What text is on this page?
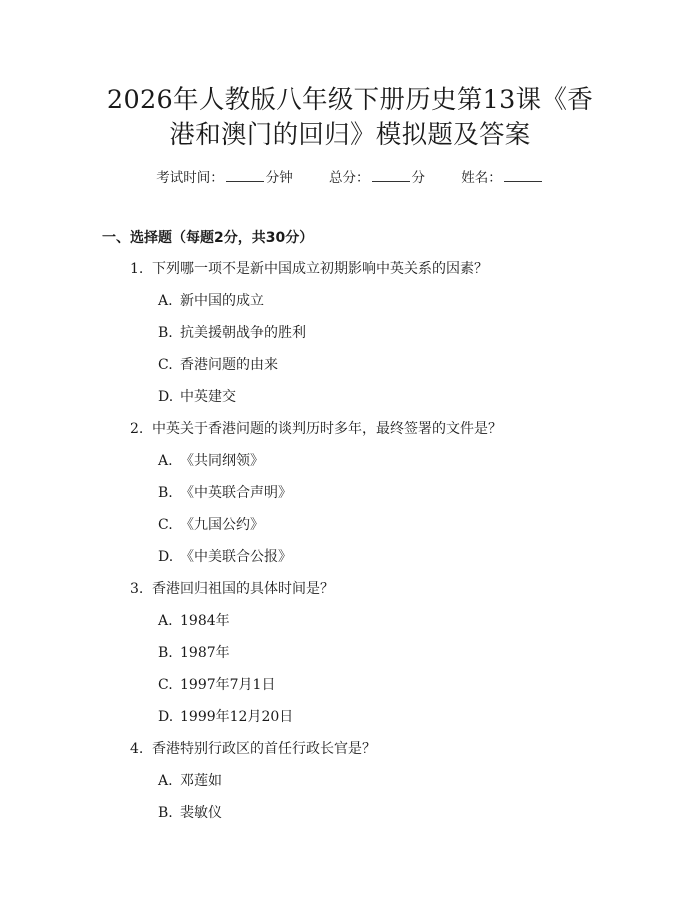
2026年人教版八年级下册历史第13课《香
港和澳门的回归》模拟题及答案
考试时间：	分钟	总分：	分	姓名：
一、选择题（每题2分，共30分）
1. 下列哪一项不是新中国成立初期影响中英关系的因素？
A. 新中国的成立
B. 抗美援朝战争的胜利
C. 香港问题的由来
D. 中英建交
2. 中英关于香港问题的谈判历时多年，最终签署的文件是？
A. 《共同纲领》
B. 《中英联合声明》
C. 《九国公约》
D. 《中美联合公报》
3. 香港回归祖国的具体时间是？
A. 1984年
B. 1987年
C. 1997年7月1日
D. 1999年12月20日
4. 香港特别行政区的首任行政长官是？
A. 邓莲如
B. 裴敏仪
